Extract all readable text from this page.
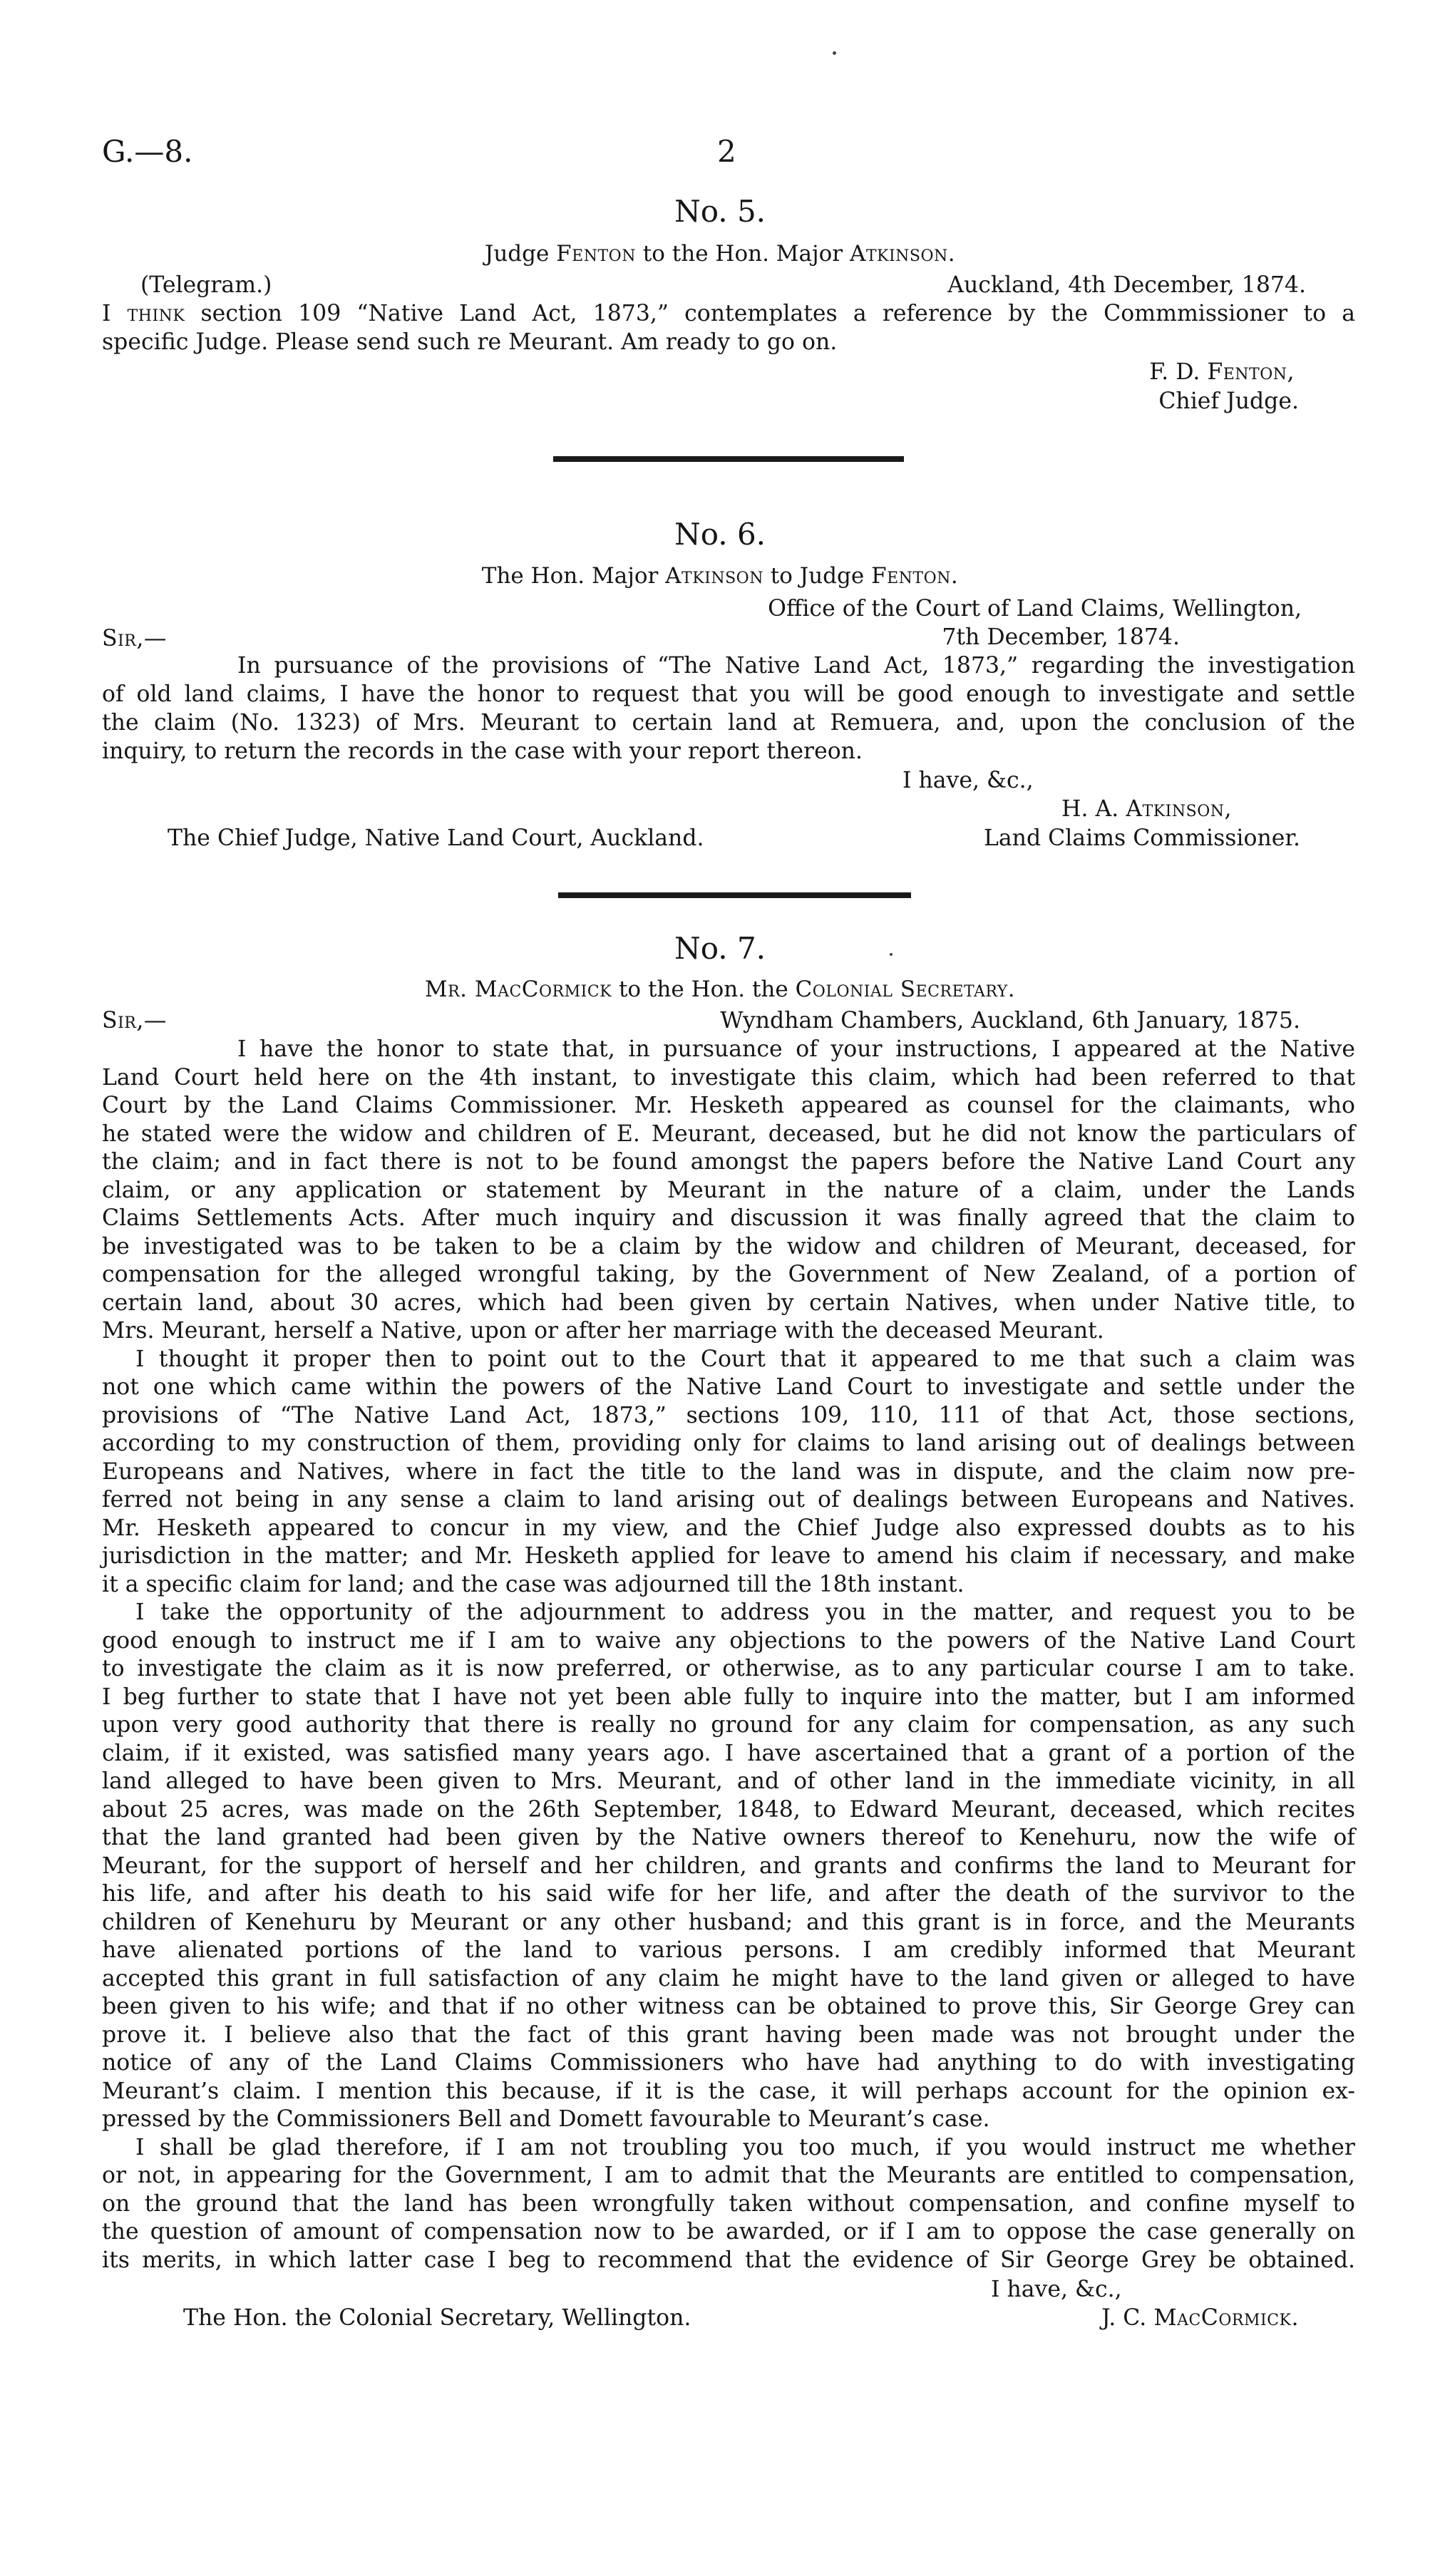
G.—8.	2
No. 5.
Judge Fenton to the Hon. Major Atkinson.
(Telegram.)	Auckland, 4th December, 1874.
I think section 109 “Native Land Act, 1873,” contemplates a reference by the Commmissioner to a
specific Judge. Please send such re Meurant. Am ready to go on.
F. D. Fenton,
Chief Judge.
No. 6.
The Hon. Major Atkinson to Judge Fenton.
Office of the Court of Land Claims, Wellington,
7th December, 1874.
Sir,—
In pursuance of the provisions of “The Native Land Act, 1873,” regarding the investigation
of old land claims, I have the honor to request that you will be good enough to investigate and settle
the claim (No. 1323) of Mrs. Meurant to certain land at Remuera, and, upon the conclusion of the
inquiry, to return the records in the case with your report thereon.
I have, &c.,
H. A. Atkinson,
The Chief Judge, Native Land Court, Auckland.	Land Claims Commissioner.
No. 7.
Mr. MacCormick to the Hon. the Colonial Secretary.
Sir,—	Wyndham Chambers, Auckland, 6th January, 1875.
I have the honor to state that, in pursuance of your instructions, I appeared at the Native
Land Court held here on the 4th instant, to investigate this claim, which had been referred to that
Court by the Land Claims Commissioner. Mr. Hesketh appeared as counsel for the claimants, who
he stated were the widow and children of E. Meurant, deceased, but he did not know the particulars of
the claim; and in fact there is not to be found amongst the papers before the Native Land Court any
claim, or any application or statement by Meurant in the nature of a claim, under the Lands
Claims Settlements Acts. After much inquiry and discussion it was finally agreed that the claim to
be investigated was to be taken to be a claim by the widow and children of Meurant, deceased, for
compensation for the alleged wrongful taking, by the Government of New Zealand, of a portion of
certain land, about 30 acres, which had been given by certain Natives, when under Native title, to
Mrs. Meurant, herself a Native, upon or after her marriage with the deceased Meurant.
I thought it proper then to point out to the Court that it appeared to me that such a claim was
not one which came within the powers of the Native Land Court to investigate and settle under the
provisions of “The Native Land Act, 1873,” sections 109, 110, 111 of that Act, those sections,
according to my construction of them, providing only for claims to land arising out of dealings between
Europeans and Natives, where in fact the title to the land was in dispute, and the claim now pre-
ferred not being in any sense a claim to land arising out of dealings between Europeans and Natives.
Mr. Hesketh appeared to concur in my view, and the Chief Judge also expressed doubts as to his
jurisdiction in the matter; and Mr. Hesketh applied for leave to amend his claim if necessary, and make
it a specific claim for land; and the case was adjourned till the 18th instant.
I take the opportunity of the adjournment to address you in the matter, and request you to be
good enough to instruct me if I am to waive any objections to the powers of the Native Land Court
to investigate the claim as it is now preferred, or otherwise, as to any particular course I am to take.
I beg further to state that I have not yet been able fully to inquire into the matter, but I am informed
upon very good authority that there is really no ground for any claim for compensation, as any such
claim, if it existed, was satisfied many years ago. I have ascertained that a grant of a portion of the
land alleged to have been given to Mrs. Meurant, and of other land in the immediate vicinity, in all
about 25 acres, was made on the 26th September, 1848, to Edward Meurant, deceased, which recites
that the land granted had been given by the Native owners thereof to Kenehuru, now the wife of
Meurant, for the support of herself and her children, and grants and confirms the land to Meurant for
his life, and after his death to his said wife for her life, and after the death of the survivor to the
children of Kenehuru by Meurant or any other husband; and this grant is in force, and the Meurants
have alienated portions of the land to various persons. I am credibly informed that Meurant
accepted this grant in full satisfaction of any claim he might have to the land given or alleged to have
been given to his wife; and that if no other witness can be obtained to prove this, Sir George Grey can
prove it. I believe also that the fact of this grant having been made was not brought under the
notice of any of the Land Claims Commissioners who have had anything to do with investigating
Meurant’s claim. I mention this because, if it is the case, it will perhaps account for the opinion ex-
pressed by the Commissioners Bell and Domett favourable to Meurant’s case.
I shall be glad therefore, if I am not troubling you too much, if you would instruct me whether
or not, in appearing for the Government, I am to admit that the Meurants are entitled to compensation,
on the ground that the land has been wrongfully taken without compensation, and confine myself to
the question of amount of compensation now to be awarded, or if I am to oppose the case generally on
its merits, in which latter case I beg to recommend that the evidence of Sir George Grey be obtained.
I have, &c.,
The Hon. the Colonial Secretary, Wellington.	J. C. MacCormick.
